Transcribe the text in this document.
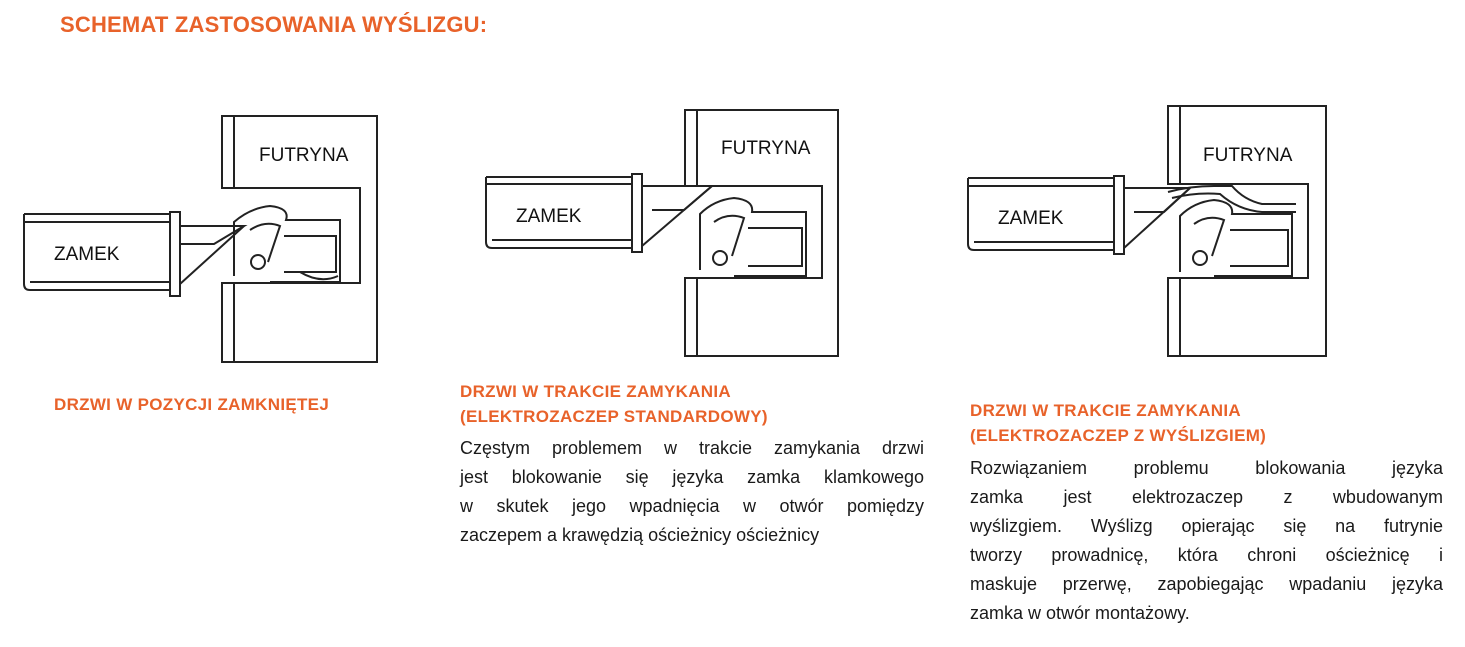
SCHEMAT ZASTOSOWANIA WYŚLIZGU:
FUTRYNA
ZAMEK
FUTRYNA
ZAMEK
FUTRYNA
ZAMEK
DRZWI W POZYCJI ZAMKNIĘTEJ
DRZWI W TRAKCIE ZAMYKANIA
(ELEKTROZACZEP STANDARDOWY)
Częstym problemem w trakcie zamykania drzwi
jest blokowanie się języka zamka klamkowego
w skutek jego wpadnięcia w otwór pomiędzy
zaczepem a krawędzią ościeżnicy ościeżnicy
DRZWI W TRAKCIE ZAMYKANIA
(ELEKTROZACZEP Z WYŚLIZGIEM)
Rozwiązaniem problemu blokowania języka
zamka jest elektrozaczep z wbudowanym
wyślizgiem. Wyślizg opierając się na futrynie
tworzy prowadnicę, która chroni ościeżnicę i
maskuje przerwę, zapobiegając wpadaniu języka
zamka w otwór montażowy.
